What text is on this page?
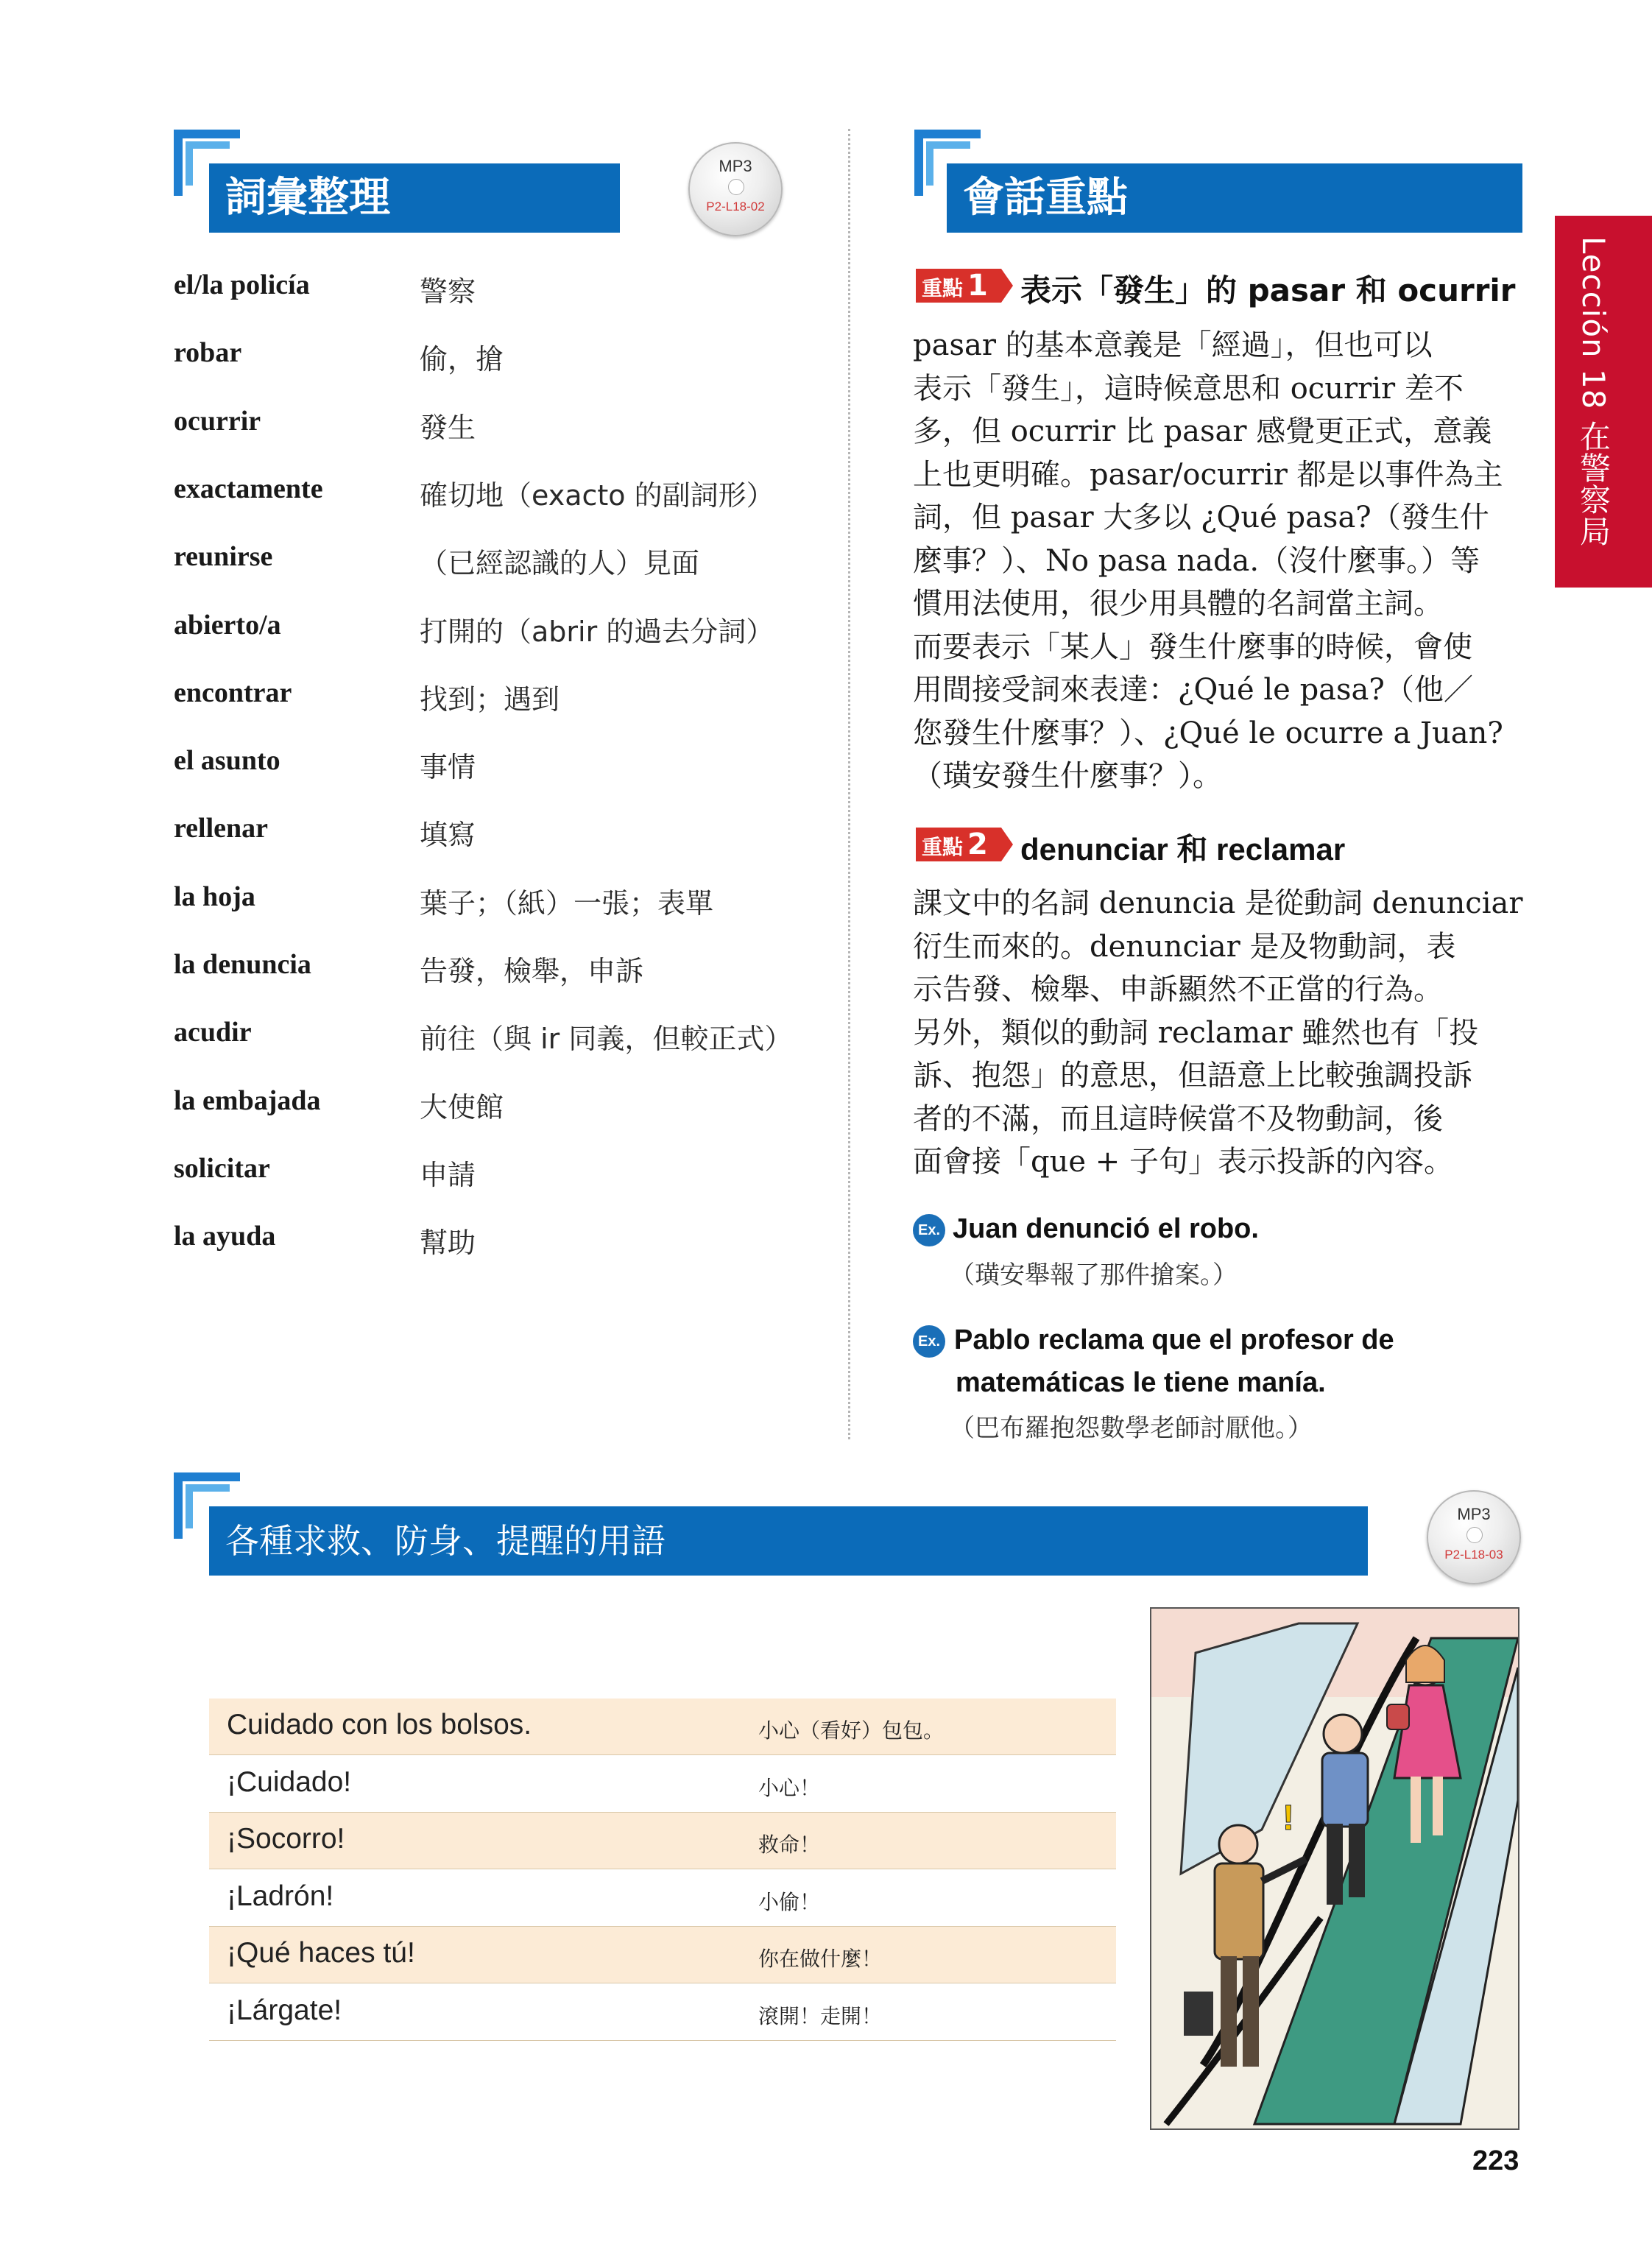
詞彙整理
MP3
P2-L18-02
el/la policía	警察
robar	偷，搶
ocurrir	發生
exactamente	確切地（exacto 的副詞形）
reunirse	（已經認識的人）見面
abierto/a	打開的（abrir 的過去分詞）
encontrar	找到；遇到
el asunto	事情
rellenar	填寫
la hoja	葉子；（紙）一張；表單
la denuncia	告發，檢舉，申訴
acudir	前往（與 ir 同義，但較正式）
la embajada	大使館
solicitar	申請
la ayuda	幫助
會話重點
重點 1	表示「發生」的 pasar 和 ocurrir
pasar 的基本意義是「經過」，但也可以
表示「發生」，這時候意思和 ocurrir 差不
多，但 ocurrir 比 pasar 感覺更正式，意義
上也更明確。pasar/ocurrir 都是以事件為主
詞，但 pasar 大多以 ¿Qué pasa?（發生什
麼事？）、No pasa nada.（沒什麼事。）等
慣用法使用，很少用具體的名詞當主詞。
而要表示「某人」發生什麼事的時候，會使
用間接受詞來表達：¿Qué le pasa?（他／
您發生什麼事？）、¿Qué le ocurre a Juan?
（璜安發生什麼事？）。
重點 2	denunciar 和 reclamar
課文中的名詞 denuncia 是從動詞 denunciar
衍生而來的。denunciar 是及物動詞，表
示告發、檢舉、申訴顯然不正當的行為。
另外，類似的動詞 reclamar 雖然也有「投
訴、抱怨」的意思，但語意上比較強調投訴
者的不滿，而且這時候當不及物動詞，後
面會接「que + 子句」表示投訴的內容。
Ex. Juan denunció el robo.
（璜安舉報了那件搶案。）
Ex. Pablo reclama que el profesor de
matemáticas le tiene manía.
（巴布羅抱怨數學老師討厭他。）
Lección 18 在警察局
各種求救、防身、提醒的用語
MP3
P2-L18-03
Cuidado con los bolsos.	小心（看好）包包。
¡Cuidado!	小心！
¡Socorro!	救命！
¡Ladrón!	小偷！
¡Qué haces tú!	你在做什麼！
¡Lárgate!	滾開！走開！
!
223
